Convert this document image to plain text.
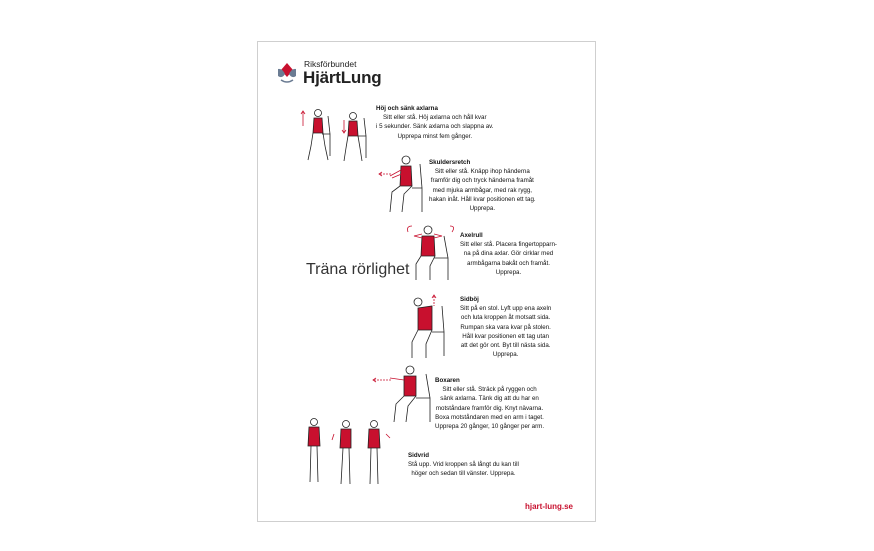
Riksförbundet
HjärtLung
Träna rörlighet
Höj och sänk axlarna
Sitt eller stå. Höj axlarna och håll kvar
i 5 sekunder. Sänk axlarna och slappna av.
Upprepa minst fem gånger.
Skuldersretch
Sitt eller stå. Knäpp ihop händerna
framför dig och tryck händerna framåt
med mjuka armbågar, med rak rygg,
hakan inåt. Håll kvar positionen ett tag.
Upprepa.
Axelrull
Sitt eller stå. Placera fingertopparn-
na på dina axlar. Gör cirklar med
armbågarna bakåt och framåt.
Upprepa.
Sidböj
Sitt på en stol. Lyft upp ena axeln
och luta kroppen åt motsatt sida.
Rumpan ska vara kvar på stolen.
Håll kvar positionen ett tag utan
att det gör ont. Byt till nästa sida.
Upprepa.
Boxaren
Sitt eller stå. Sträck på ryggen och
sänk axlarna. Tänk dig att du har en
motståndare framför dig. Knyt nävarna.
Boxa motståndaren med en arm i taget.
Upprepa 20 gånger, 10 gånger per arm.
Sidvrid
Stå upp. Vrid kroppen så långt du kan till
höger och sedan till vänster. Upprepa.
hjart-lung.se
